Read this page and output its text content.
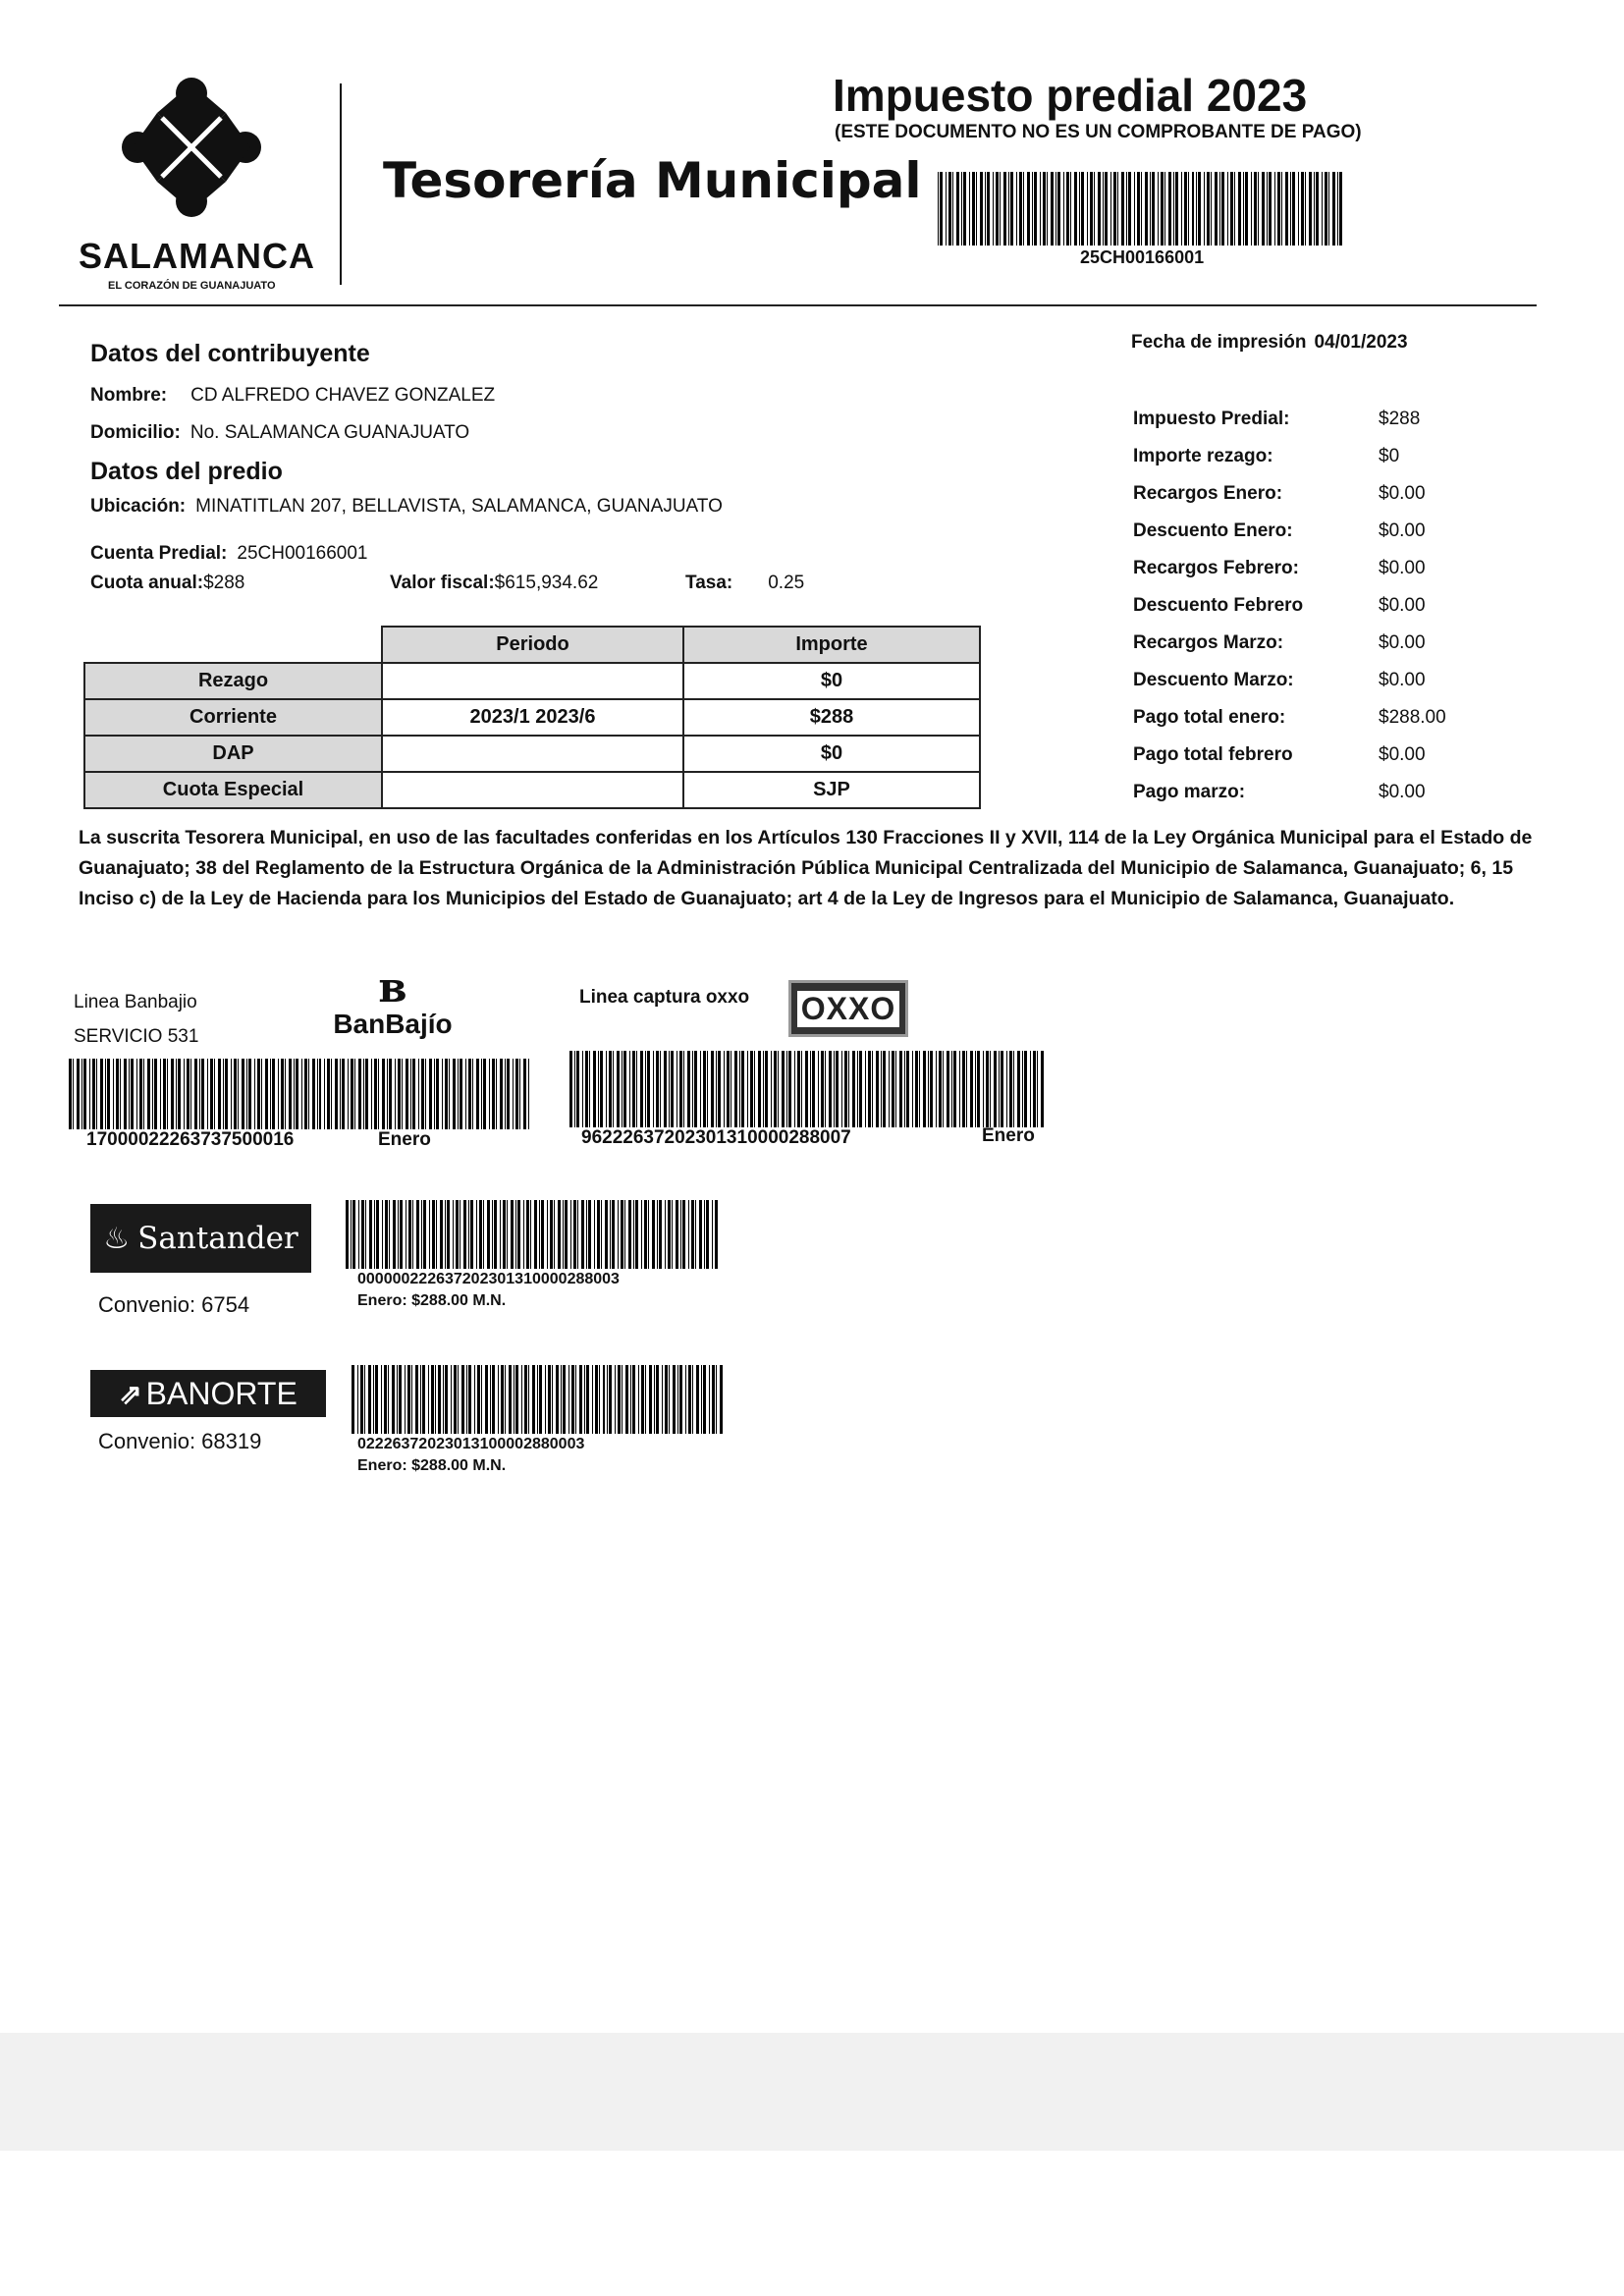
SALAMANCA
EL CORAZÓN DE GUANAJUATO
Tesorería Municipal
Impuesto predial 2023
(ESTE DOCUMENTO NO ES UN COMPROBANTE DE PAGO)
25CH00166001
Datos del contribuyente
Nombre: CD ALFREDO CHAVEZ GONZALEZ
Domicilio: No. SALAMANCA GUANAJUATO
Datos del predio
Ubicación: MINATITLAN 207, BELLAVISTA, SALAMANCA, GUANAJUATO
Cuenta Predial: 25CH00166001
Cuota anual: $288	Valor fiscal: $615,934.62	Tasa: 0.25
	Periodo	Importe
Rezago		$0
Corriente	2023/1 2023/6	$288
DAP		$0
Cuota Especial		SJP
Fecha de impresión 04/01/2023
Impuesto Predial:	$288
Importe rezago:	$0
Recargos Enero:	$0.00
Descuento Enero:	$0.00
Recargos Febrero:	$0.00
Descuento Febrero	$0.00
Recargos Marzo:	$0.00
Descuento Marzo:	$0.00
Pago total enero:	$288.00
Pago total febrero	$0.00
Pago marzo:	$0.00
La suscrita Tesorera Municipal, en uso de las facultades conferidas en los Artículos 130 Fracciones II y XVII, 114 de la Ley Orgánica Municipal para el Estado de Guanajuato; 38 del Reglamento de la Estructura Orgánica de la Administración Pública Municipal Centralizada del Municipio de Salamanca, Guanajuato; 6, 15 Inciso c) de la Ley de Hacienda para los Municipios del Estado de Guanajuato; art 4 de la Ley de Ingresos para el Municipio de Salamanca, Guanajuato.
Linea Banbajio
SERVICIO 531
ʙ
BanBajío
17000022263737500016	Enero
Linea captura oxxo OXXO
96222637202301310000288007	Enero
♨ Santander
Convenio: 6754
000000222637202301310000288003
Enero: $288.00 M.N.
⇗ BANORTE
Convenio: 68319	02226372023013100002880003
Enero: $288.00 M.N.
